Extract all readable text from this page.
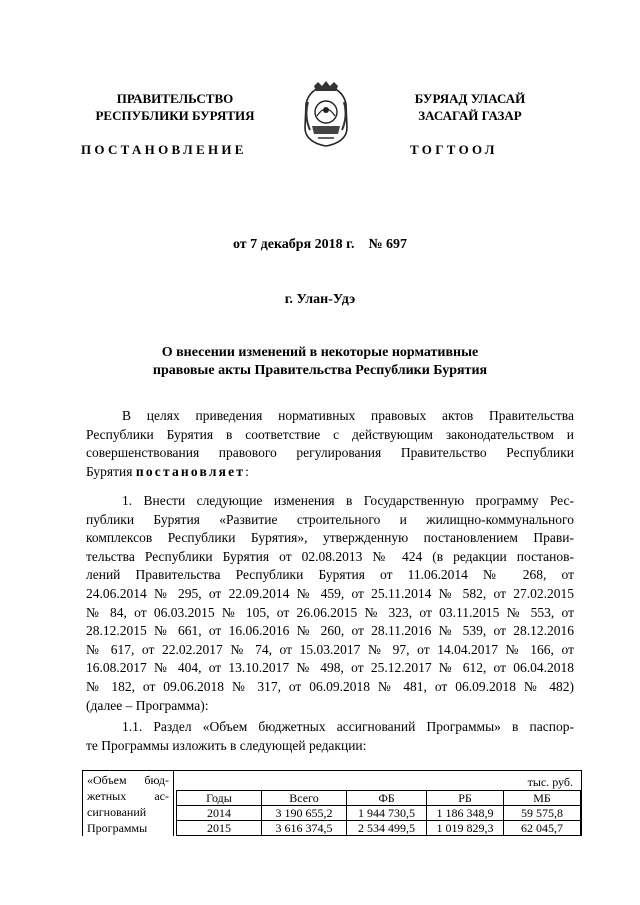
ПРАВИТЕЛЬСТВО
РЕСПУБЛИКИ БУРЯТИЯ
БУРЯАД УЛАСАЙ
ЗАСАГАЙ ГАЗАР
ПОСТАНОВЛЕНИЕ	ТОГТООЛ
от 7 декабря 2018 г. № 697
г. Улан-Удэ
О внесении изменений в некоторые нормативные
правовые акты Правительства Республики Бурятия
В целях приведения нормативных правовых актов Правительства
Республики Бурятия в соответствие с действующим законодательством и
совершенствования правового регулирования Правительство Республики
Бурятия постановляет:
1. Внести следующие изменения в Государственную программу Рес-
публики Бурятия «Развитие строительного и жилищно-коммунального
комплексов Республики Бурятия», утвержденную постановлением Прави-
тельства Республики Бурятия от 02.08.2013 № 424 (в редакции постанов-
лений Правительства Республики Бурятия от 11.06.2014 № 268, от
24.06.2014 № 295, от 22.09.2014 № 459, от 25.11.2014 № 582, от 27.02.2015
№ 84, от 06.03.2015 № 105, от 26.06.2015 № 323, от 03.11.2015 № 553, от
28.12.2015 № 661, от 16.06.2016 № 260, от 28.11.2016 № 539, от 28.12.2016
№ 617, от 22.02.2017 № 74, от 15.03.2017 № 97, от 14.04.2017 № 166, от
16.08.2017 № 404, от 13.10.2017 № 498, от 25.12.2017 № 612, от 06.04.2018
№ 182, от 09.06.2018 № 317, от 06.09.2018 № 481, от 06.09.2018 № 482)
(далее – Программа):
1.1. Раздел «Объем бюджетных ассигнований Программы» в паспор-
те Программы изложить в следующей редакции:
«Объем бюд-
жетных ас-
сигнований
Программы
тыс. руб.
Годы	Всего	ФБ	РБ	МБ
2014	3 190 655,2	1 944 730,5	1 186 348,9	59 575,8
2015	3 616 374,5	2 534 499,5	1 019 829,3	62 045,7
